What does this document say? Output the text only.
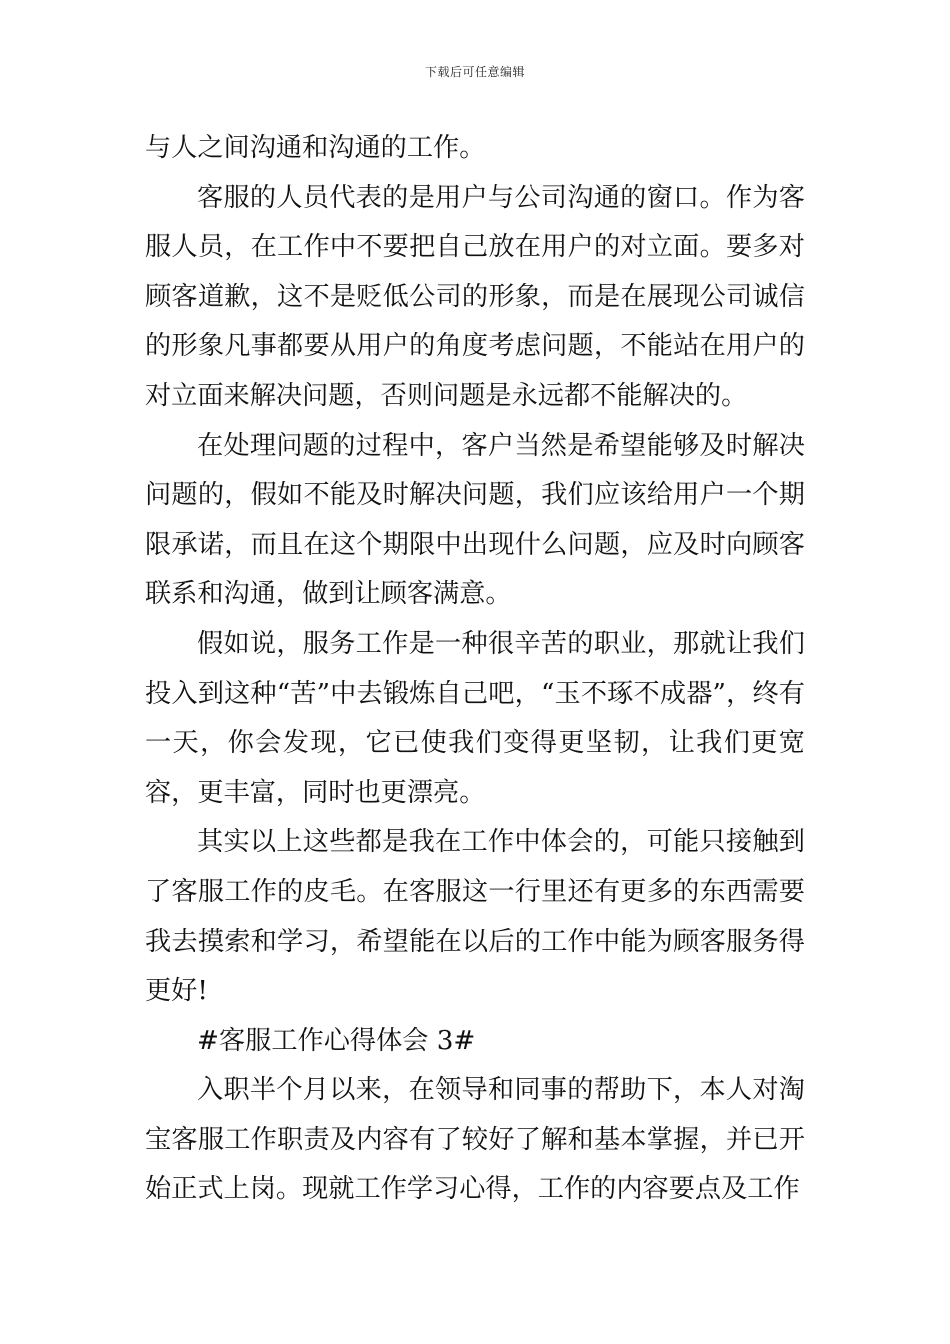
下载后可任意编辑

与人之间沟通和沟通的工作。

客服的人员代表的是用户与公司沟通的窗口。作为客服人员，在工作中不要把自己放在用户的对立面。要多对顾客道歉，这不是贬低公司的形象，而是在展现公司诚信的形象凡事都要从用户的角度考虑问题，不能站在用户的对立面来解决问题，否则问题是永远都不能解决的。

在处理问题的过程中，客户当然是希望能够及时解决问题的，假如不能及时解决问题，我们应该给用户一个期限承诺，而且在这个期限中出现什么问题，应及时向顾客联系和沟通，做到让顾客满意。

假如说，服务工作是一种很辛苦的职业，那就让我们投入到这种“苦”中去锻炼自己吧，“玉不琢不成器”，终有一天，你会发现，它已使我们变得更坚韧，让我们更宽容，更丰富，同时也更漂亮。

其实以上这些都是我在工作中体会的，可能只接触到了客服工作的皮毛。在客服这一行里还有更多的东西需要我去摸索和学习，希望能在以后的工作中能为顾客服务得更好!

#客服工作心得体会 3#

入职半个月以来，在领导和同事的帮助下，本人对淘宝客服工作职责及内容有了较好了解和基本掌握，并已开始正式上岗。现就工作学习心得，工作的内容要点及工作
